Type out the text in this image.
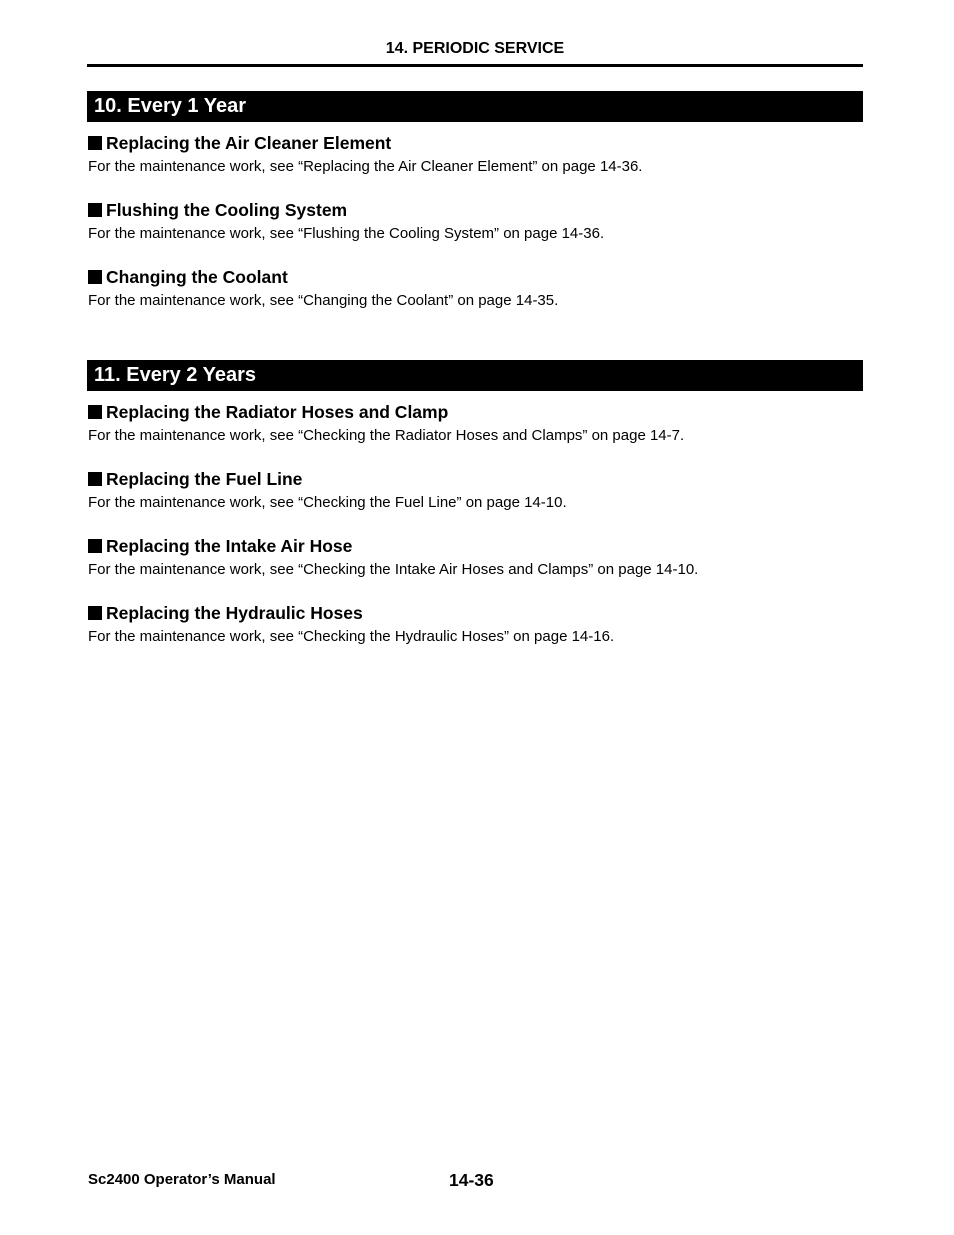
14. PERIODIC SERVICE
10. Every 1 Year
Replacing the Air Cleaner Element
For the maintenance work, see “Replacing the Air Cleaner Element” on page 14-36.
Flushing the Cooling System
For the maintenance work, see “Flushing the Cooling System” on page 14-36.
Changing the Coolant
For the maintenance work, see “Changing the Coolant” on page 14-35.
11. Every 2 Years
Replacing the Radiator Hoses and Clamp
For the maintenance work, see “Checking the Radiator Hoses and Clamps” on page 14-7.
Replacing the Fuel Line
For the maintenance work, see “Checking the Fuel Line” on page 14-10.
Replacing the Intake Air Hose
For the maintenance work, see “Checking the Intake Air Hoses and Clamps” on page 14-10.
Replacing the Hydraulic Hoses
For the maintenance work, see “Checking the Hydraulic Hoses” on page 14-16.
Sc2400 Operator’s Manual	14-36
